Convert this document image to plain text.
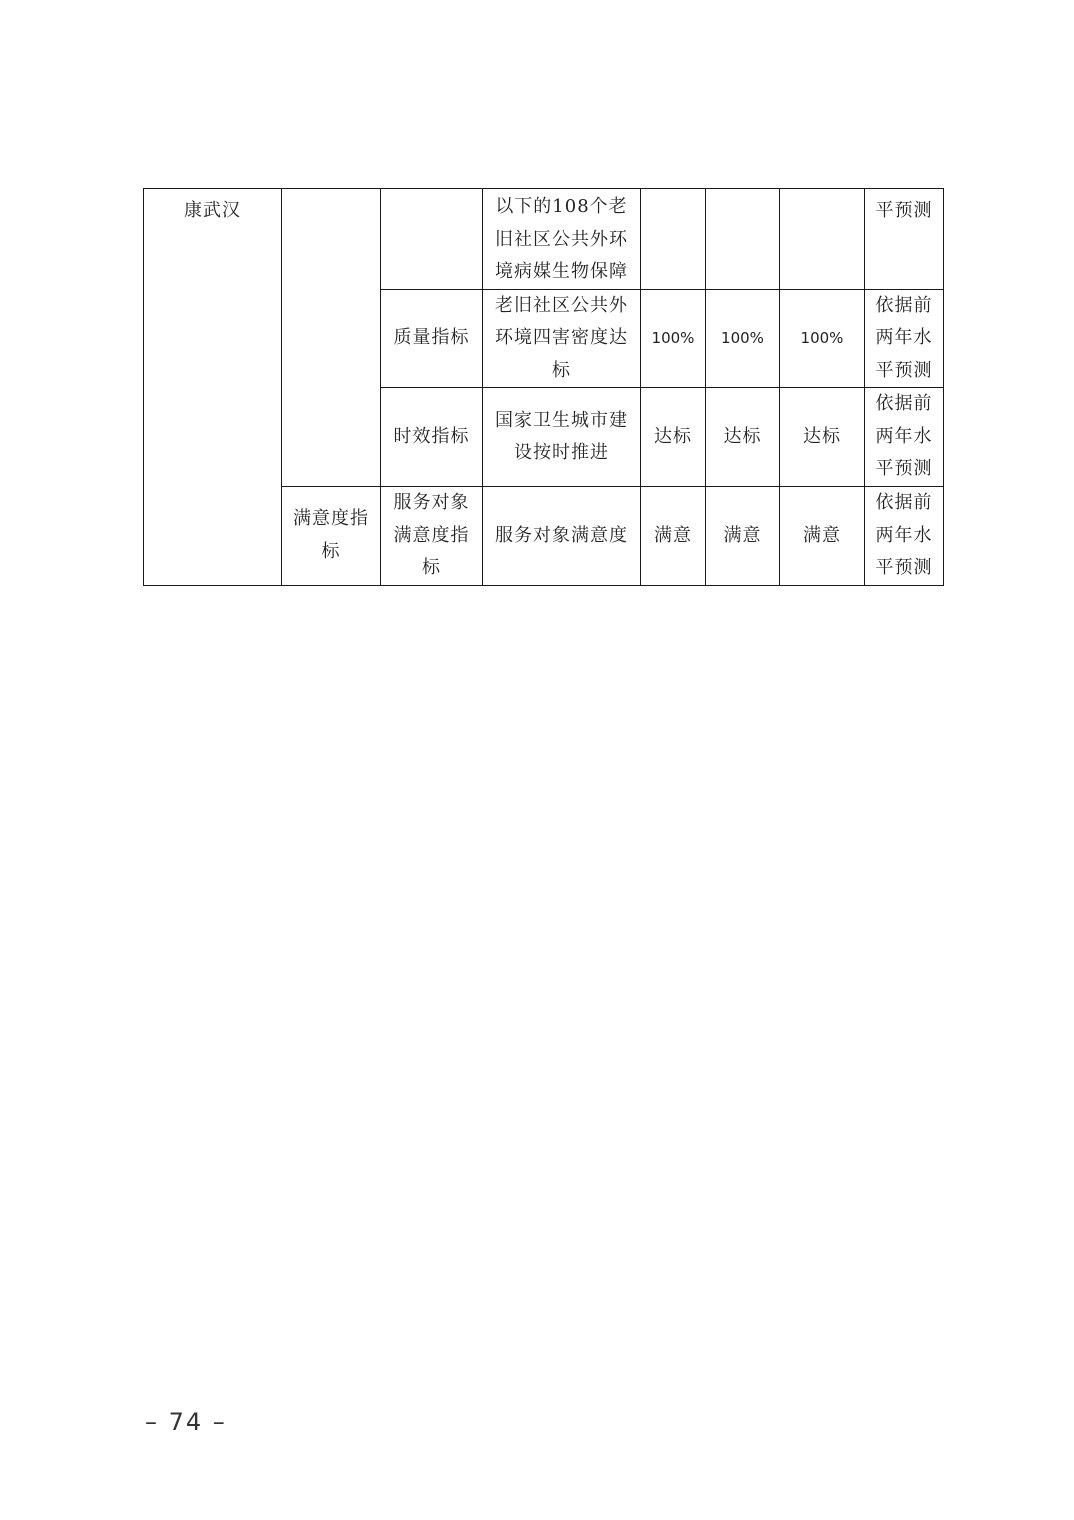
康武汉			以下的108个老旧社区公共外环境病媒生物保障				平预测
		质量指标	老旧社区公共外环境四害密度达标	100%	100%	100%	依据前两年水平预测
		时效指标	国家卫生城市建设按时推进	达标	达标	达标	依据前两年水平预测
	满意度指标	服务对象满意度指标	服务对象满意度	满意	满意	满意	依据前两年水平预测
– 74 –
